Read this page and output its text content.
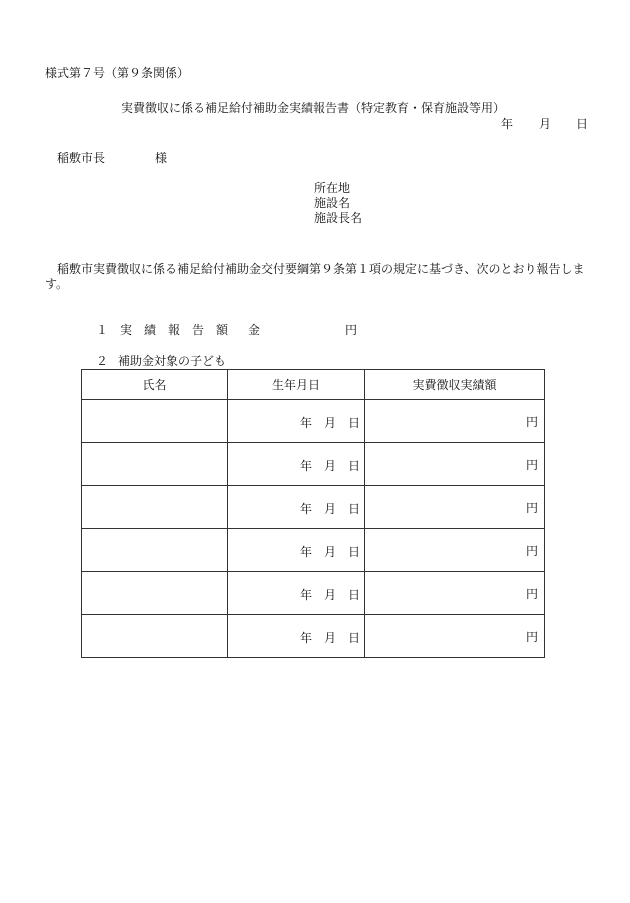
様式第７号（第９条関係）
実費徴収に係る補足給付補助金実績報告書（特定教育・保育施設等用）
年 月 日
稲敷市長	様
所在地
施設名
施設長名
稲敷市実費徴収に係る補足給付補助金交付要綱第９条第１項の規定に基づき、次のとおり報告します。
１ 実　績　報　告　額 金	円
２ 補助金対象の子ども
氏名	生年月日	実費徴収実績額

	年 月 日	円

	年 月 日	円

	年 月 日	円

	年 月 日	円

	年 月 日	円

	年 月 日	円
